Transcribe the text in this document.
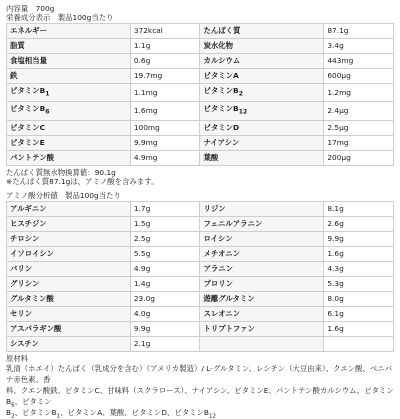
内容量　700g
栄養成分表示　製品100g当たり
エネルギー	372kcal	たんぱく質	87.1g
脂質	1.1g	炭水化物	3.4g
食塩相当量	0.6g	カルシウム	443mg
鉄	19.7mg	ビタミンA	600μg
ビタミン$B_1$	1.1mg	ビタミン$B_2$	1.2mg
ビタミン$B_6$	1.6mg	ビタミン$B_{12}$	2.4μg
ビタミンC	100mg	ビタミンD	2.5μg
ビタミンE	9.9mg	ナイアシン	17mg
パントテン酸	4.9mg	葉酸	200μg
たんぱく質無水物換算値：90.1g
※たんぱく質87.1gは、アミノ酸を含みます。
アミノ酸分析値　製品100g当たり
アルギニン	1.7g	リジン	8.1g
ヒスチジン	1.5g	フェニルアラニン	2.6g
チロシン	2.5g	ロイシン	9.9g
イソロイシン	5.5g	メチオニン	1.6g
バリン	4.9g	アラニン	4.3g
グリシン	1.4g	プロリン	5.3g
グルタミン酸	23.0g	遊離グルタミン	8.0g
セリン	4.0g	スレオニン	6.1g
アスパラギン酸	9.9g	トリプトファン	1.6g
シスチン	2.1g		
原材料
乳清（ホエイ）たんぱく（乳成分を含む）（アメリカ製造）/ L-グルタミン、レシチン（大豆由来）、クエン酸、ベニバナ赤色素、香
料、クエン酸鉄、ビタミンC、甘味料（スクラロース）、ナイアシン、ビタミンE、パントテン酸カルシウム、ビタミン$B_6$、ビタミン
$B_2$、ビタミン$B_1$、ビタミンA、葉酸、ビタミンD、ビタミン$B_{12}$
